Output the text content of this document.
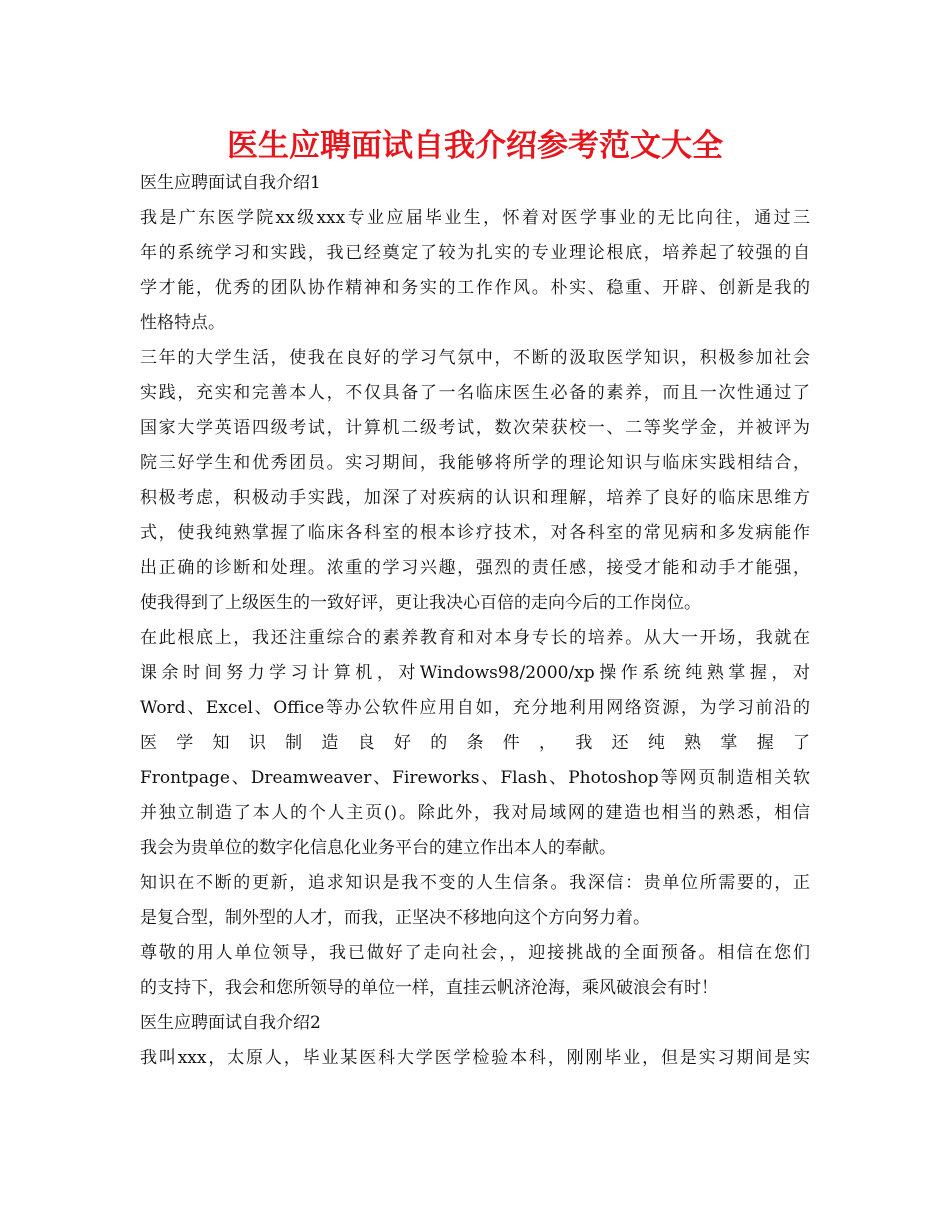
医生应聘面试自我介绍参考范文大全
医生应聘面试自我介绍1
我是广东医学院xx级xxx专业应届毕业生，怀着对医学事业的无比向往，通过三
年的系统学习和实践，我已经奠定了较为扎实的专业理论根底，培养起了较强的自
学才能，优秀的团队协作精神和务实的工作作风。朴实、稳重、开辟、创新是我的
性格特点。
三年的大学生活，使我在良好的学习气氛中，不断的汲取医学知识，积极参加社会
实践，充实和完善本人，不仅具备了一名临床医生必备的素养，而且一次性通过了
国家大学英语四级考试，计算机二级考试，数次荣获校一、二等奖学金，并被评为
院三好学生和优秀团员。实习期间，我能够将所学的理论知识与临床实践相结合，
积极考虑，积极动手实践，加深了对疾病的认识和理解，培养了良好的临床思维方
式，使我纯熟掌握了临床各科室的根本诊疗技术，对各科室的常见病和多发病能作
出正确的诊断和处理。浓重的学习兴趣，强烈的责任感，接受才能和动手才能强，
使我得到了上级医生的一致好评，更让我决心百倍的走向今后的工作岗位。
在此根底上，我还注重综合的素养教育和对本身专长的培养。从大一开场，我就在
课余时间努力学习计算机，对Windows98/2000/xp操作系统纯熟掌握，对
Word、Excel、Office等办公软件应用自如，充分地利用网络资源，为学习前沿的
医 学 知 识 制 造 良 好 的 条 件 ， 我 还 纯 熟 掌 握 了
Frontpage、Dreamweaver、Fireworks、Flash、Photoshop等网页制造相关软
并独立制造了本人的个人主页()。除此外，我对局域网的建造也相当的熟悉，相信
我会为贵单位的数字化信息化业务平台的建立作出本人的奉献。
知识在不断的更新，追求知识是我不变的人生信条。我深信：贵单位所需要的，正
是复合型，制外型的人才，而我，正坚决不移地向这个方向努力着。
尊敬的用人单位领导，我已做好了走向社会，，迎接挑战的全面预备。相信在您们
的支持下，我会和您所领导的单位一样，直挂云帆济沧海，乘风破浪会有时！
医生应聘面试自我介绍2
我叫xxx，太原人，毕业某医科大学医学检验本科，刚刚毕业，但是实习期间是实
